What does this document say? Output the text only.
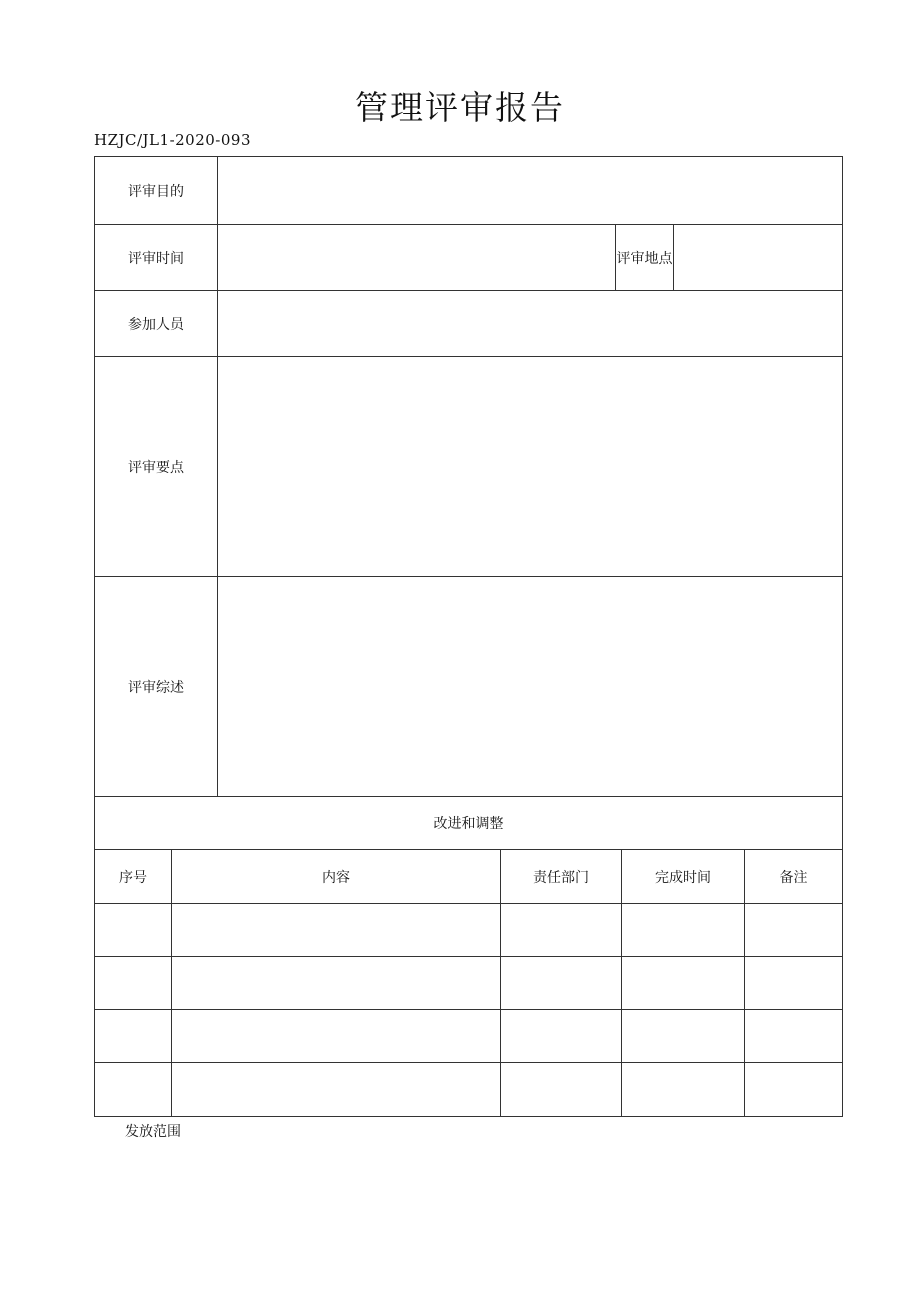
管理评审报告
HZJC/JL1-2020-093
评审目的							
评审时间				评审地点			
参加人员							
评审要点							
评审综述							
改进和调整							
序号	内容		责任部门		完成时间		备注

发放范围
